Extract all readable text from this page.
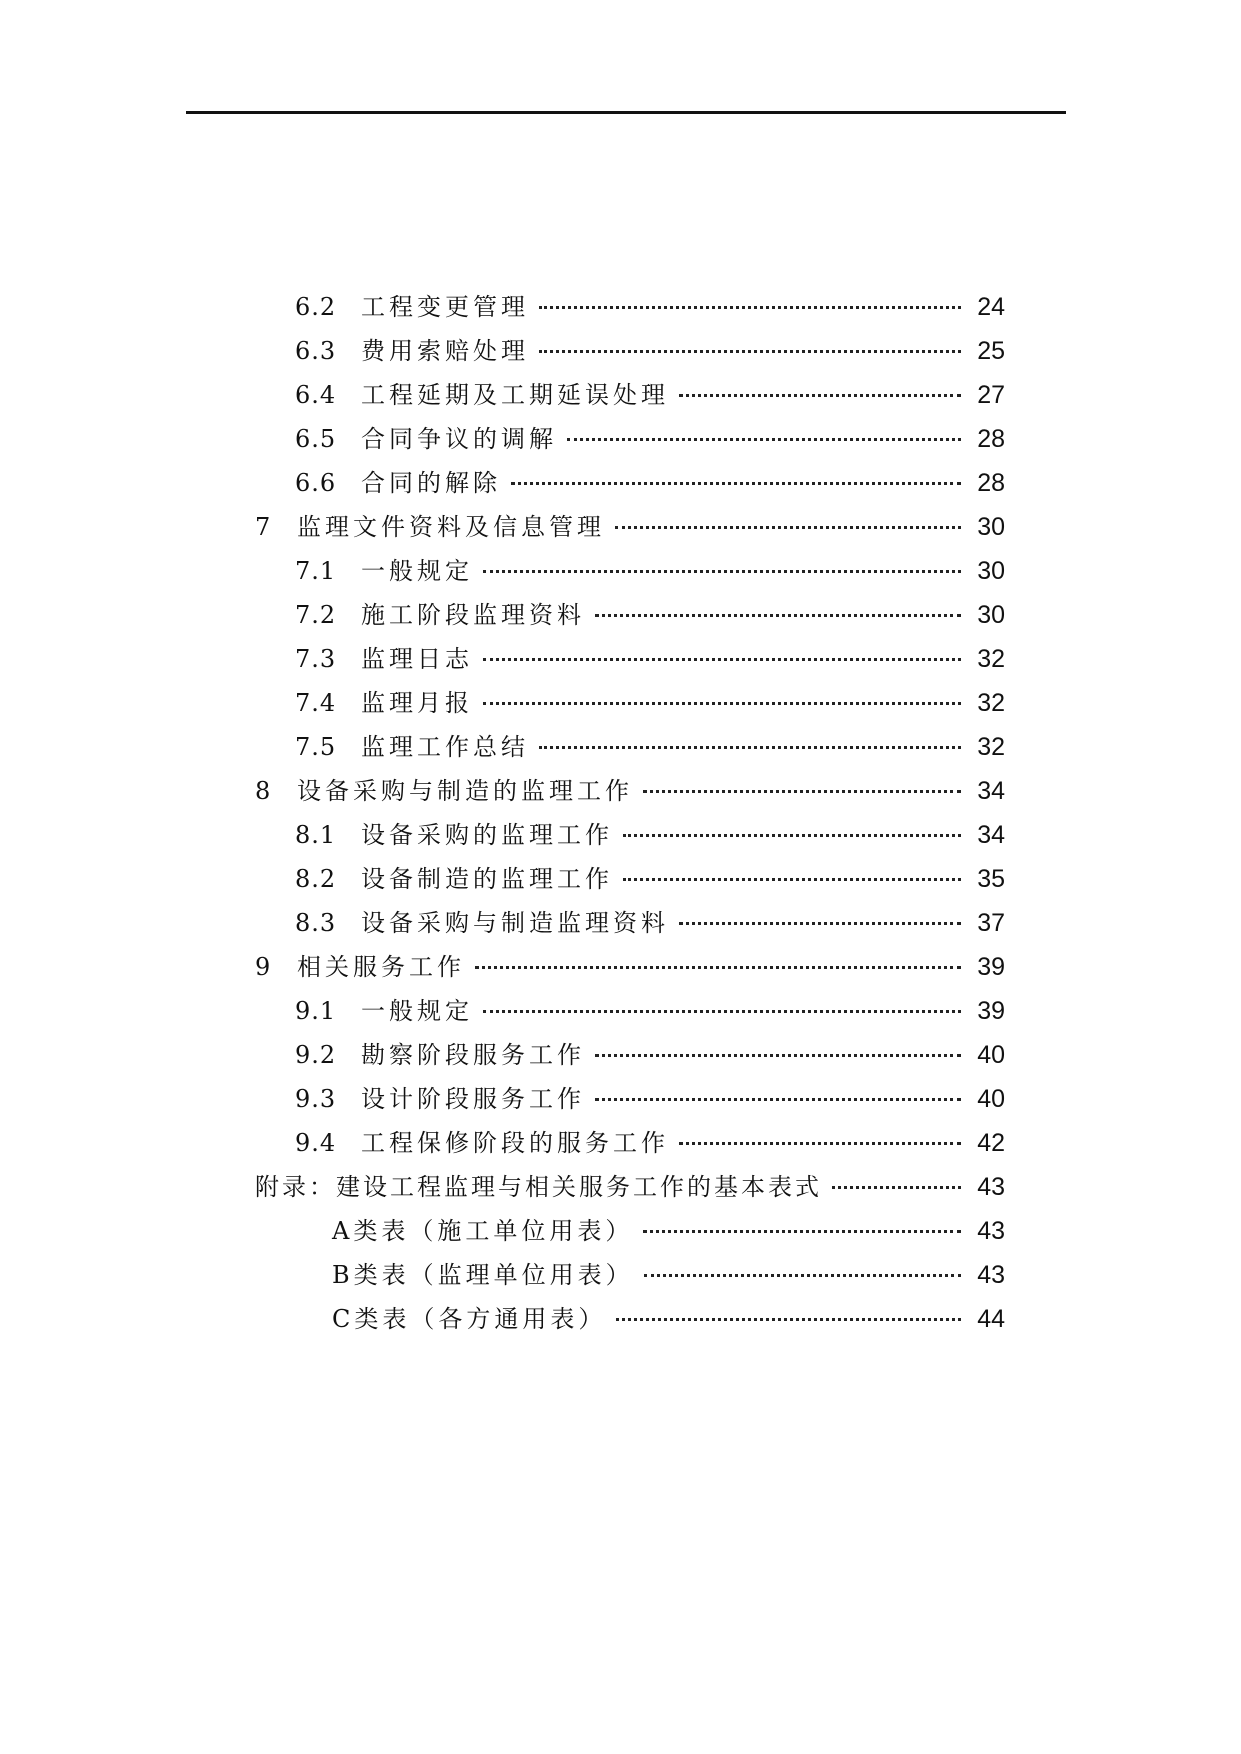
6.2	工程变更管理	24
6.3	费用索赔处理	25
6.4	工程延期及工期延误处理	27
6.5	合同争议的调解	28
6.6	合同的解除	28
7	监理文件资料及信息管理	30
7.1	一般规定	30
7.2	施工阶段监理资料	30
7.3	监理日志	32
7.4	监理月报	32
7.5	监理工作总结	32
8	设备采购与制造的监理工作	34
8.1	设备采购的监理工作	34
8.2	设备制造的监理工作	35
8.3	设备采购与制造监理资料	37
9	相关服务工作	39
9.1	一般规定	39
9.2	勘察阶段服务工作	40
9.3	设计阶段服务工作	40
9.4	工程保修阶段的服务工作	42
附录：建设工程监理与相关服务工作的基本表式	43
A类表（施工单位用表）	43
B类表（监理单位用表）	43
C类表（各方通用表）	44
